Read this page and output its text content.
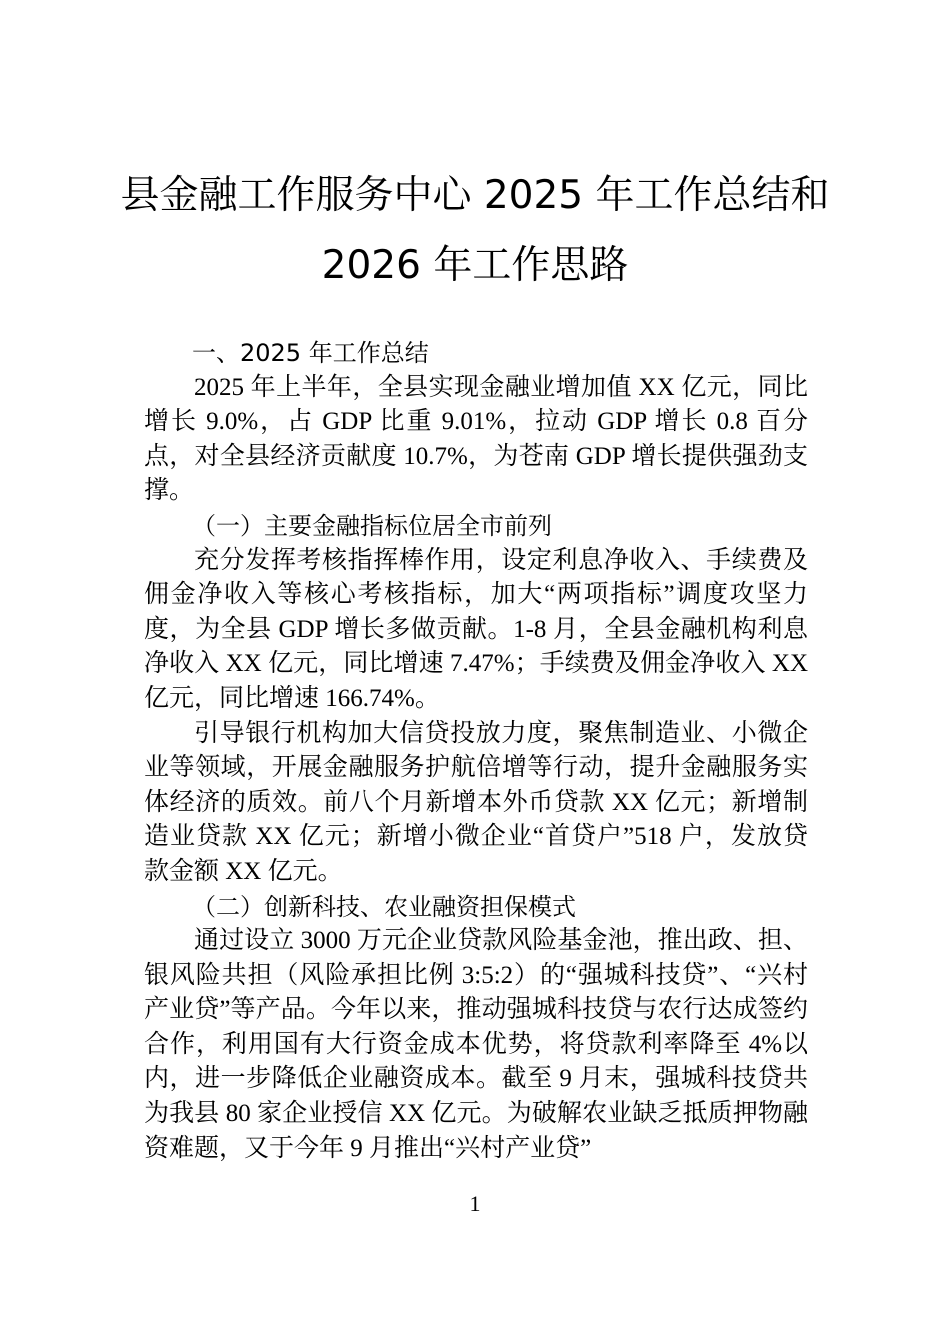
县金融工作服务中心 2025 年工作总结和
2026 年工作思路

一、2025 年工作总结

2025 年上半年，全县实现金融业增加值 XX 亿元，同比增长 9.0%，占 GDP 比重 9.01%，拉动 GDP 增长 0.8 百分点，对全县经济贡献度 10.7%，为苍南 GDP 增长提供强劲支撑。

（一）主要金融指标位居全市前列

充分发挥考核指挥棒作用，设定利息净收入、手续费及佣金净收入等核心考核指标，加大“两项指标”调度攻坚力度，为全县 GDP 增长多做贡献。1-8 月，全县金融机构利息净收入 XX 亿元，同比增速 7.47%；手续费及佣金净收入 XX 亿元，同比增速 166.74%。

引导银行机构加大信贷投放力度，聚焦制造业、小微企业等领域，开展金融服务护航倍增等行动，提升金融服务实体经济的质效。前八个月新增本外币贷款 XX 亿元；新增制造业贷款 XX 亿元；新增小微企业“首贷户”518 户，发放贷款金额 XX 亿元。

（二）创新科技、农业融资担保模式

通过设立 3000 万元企业贷款风险基金池，推出政、担、银风险共担（风险承担比例 3:5:2）的“强城科技贷”、“兴村产业贷”等产品。今年以来，推动强城科技贷与农行达成签约合作，利用国有大行资金成本优势，将贷款利率降至 4%以内，进一步降低企业融资成本。截至 9 月末，强城科技贷共为我县 80 家企业授信 XX 亿元。为破解农业缺乏抵质押物融资难题，又于今年 9 月推出“兴村产业贷”

1
